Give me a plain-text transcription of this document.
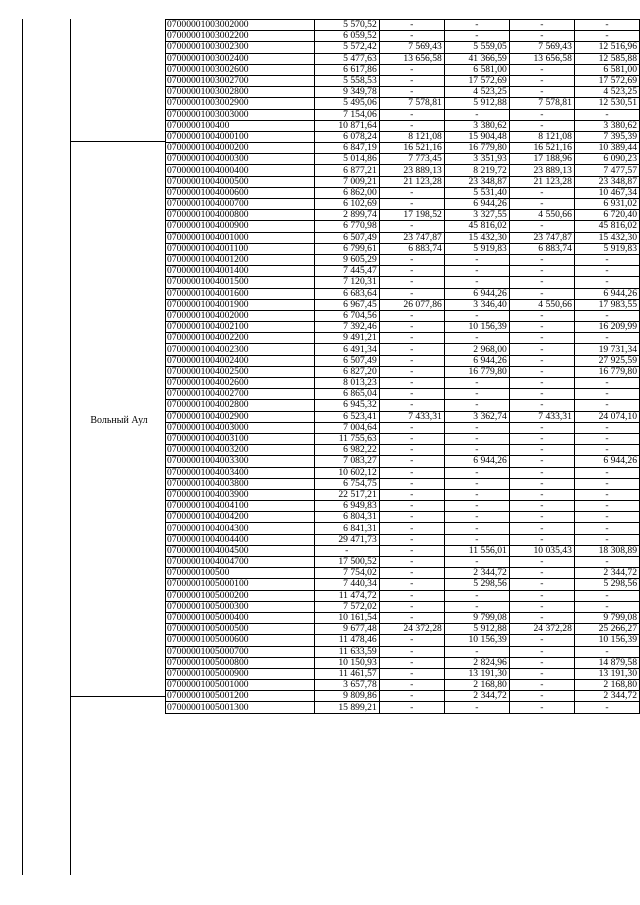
Вольный Аул
07000001003002000	5 570,52	-	-	-	-
07000001003002200	6 059,52	-	-	-	-
07000001003002300	5 572,42	7 569,43	5 559,05	7 569,43	12 516,96
07000001003002400	5 477,63	13 656,58	41 366,59	13 656,58	12 585,88
07000001003002600	6 617,86	-	6 581,00	-	6 581,00
07000001003002700	5 558,53	-	17 572,69	-	17 572,69
07000001003002800	9 349,78	-	4 523,25	-	4 523,25
07000001003002900	5 495,06	7 578,81	5 912,88	7 578,81	12 530,51
07000001003003000	7 154,06	-	-	-	-
0700000100400	10 871,64	-	3 380,62	-	3 380,62
07000001004000100	6 078,24	8 121,08	15 904,48	8 121,08	7 395,39
07000001004000200	6 847,19	16 521,16	16 779,80	16 521,16	10 389,44
07000001004000300	5 014,86	7 773,45	3 351,93	17 188,96	6 090,23
07000001004000400	6 877,21	23 889,13	8 219,72	23 889,13	7 477,57
07000001004000500	7 009,21	21 123,28	23 348,87	21 123,28	23 348,87
07000001004000600	6 862,00	-	5 531,40	-	10 467,34
07000001004000700	6 102,69	-	6 944,26	-	6 931,02
07000001004000800	2 899,74	17 198,52	3 327,55	4 550,66	6 720,40
07000001004000900	6 770,98	-	45 816,02	-	45 816,02
07000001004001000	6 507,49	23 747,87	15 432,30	23 747,87	15 432,30
07000001004001100	6 799,61	6 883,74	5 919,83	6 883,74	5 919,83
07000001004001200	9 605,29	-	-	-	-
07000001004001400	7 445,47	-	-	-	-
07000001004001500	7 120,31	-	-	-	-
07000001004001600	6 683,64	-	6 944,26	-	6 944,26
07000001004001900	6 967,45	26 077,86	3 346,40	4 550,66	17 983,55
07000001004002000	6 704,56	-	-	-	-
07000001004002100	7 392,46	-	10 156,39	-	16 209,99
07000001004002200	9 491,21	-	-	-	-
07000001004002300	6 491,34	-	2 968,00	-	19 731,34
07000001004002400	6 507,49	-	6 944,26	-	27 925,59
07000001004002500	6 827,20	-	16 779,80	-	16 779,80
07000001004002600	8 013,23	-	-	-	-
07000001004002700	6 865,04	-	-	-	-
07000001004002800	6 945,32	-	-	-	-
07000001004002900	6 523,41	7 433,31	3 362,74	7 433,31	24 074,10
07000001004003000	7 004,64	-	-	-	-
07000001004003100	11 755,63	-	-	-	-
07000001004003200	6 982,22	-	-	-	-
07000001004003300	7 083,27	-	6 944,26	-	6 944,26
07000001004003400	10 602,12	-	-	-	-
07000001004003800	6 754,75	-	-	-	-
07000001004003900	22 517,21	-	-	-	-
07000001004004100	6 949,83	-	-	-	-
07000001004004200	6 804,31	-	-	-	-
07000001004004300	6 841,31	-	-	-	-
07000001004004400	29 471,73	-	-	-	-
07000001004004500	-	-	11 556,01	10 035,43	18 308,89
07000001004004700	17 500,52	-	-	-	-
0700000100500	7 754,02	-	2 344,72	-	2 344,72
07000001005000100	7 440,34	-	5 298,56	-	5 298,56
07000001005000200	11 474,72	-	-	-	-
07000001005000300	7 572,02	-	-	-	-
07000001005000400	10 161,54	-	9 799,08	-	9 799,08
07000001005000500	9 677,48	24 372,28	5 912,88	24 372,28	25 266,27
07000001005000600	11 478,46	-	10 156,39	-	10 156,39
07000001005000700	11 633,59	-	-	-	-
07000001005000800	10 150,93	-	2 824,96	-	14 879,58
07000001005000900	11 461,57	-	13 191,30	-	13 191,30
07000001005001000	3 657,78	-	2 168,80	-	2 168,80
07000001005001200	9 809,86	-	2 344,72	-	2 344,72
07000001005001300	15 899,21	-	-	-	-
